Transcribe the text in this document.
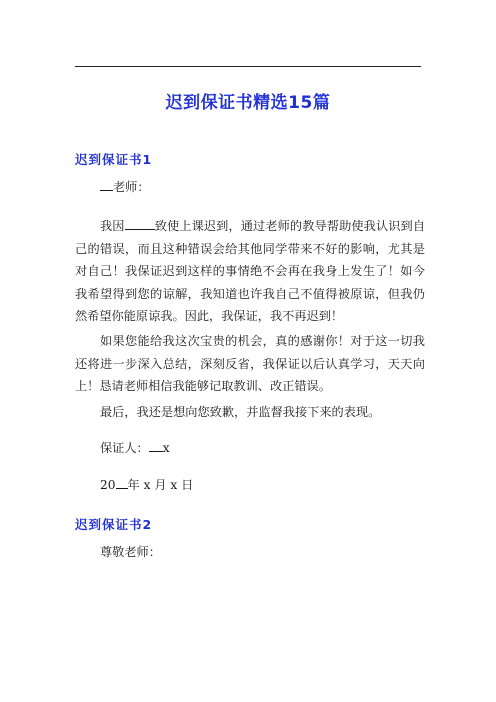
迟到保证书精选15篇
迟到保证书1
老师：
我因 致使上课迟到，通过老师的教导帮助使我认识到自己的错误，而且这种错误会给其他同学带来不好的影响，尤其是对自己！我保证迟到这样的事情绝不会再在我身上发生了！如今我希望得到您的谅解，我知道也许我自己不值得被原谅，但我仍然希望你能原谅我。因此，我保证，我不再迟到！
如果您能给我这次宝贵的机会，真的感谢你！对于这一切我还将进一步深入总结，深刻反省，我保证以后认真学习，天天向上！恳请老师相信我能够记取教训、改正错误。
最后，我还是想向您致歉，并监督我接下来的表现。
保证人： x
20 年 x 月 x 日
迟到保证书2
尊敬老师：
